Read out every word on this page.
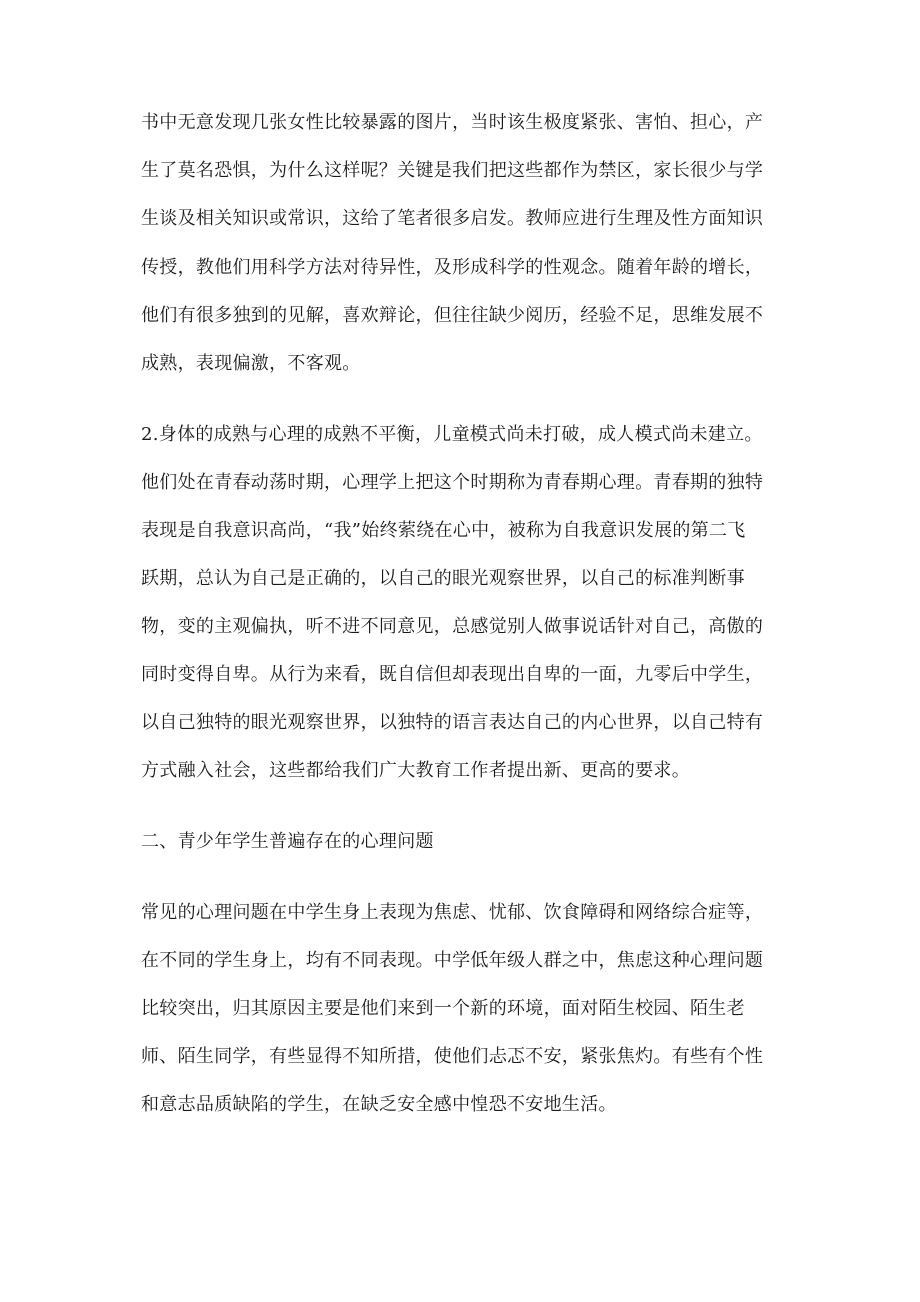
书中无意发现几张女性比较暴露的图片，当时该生极度紧张、害怕、担心，产
生了莫名恐惧，为什么这样呢？关键是我们把这些都作为禁区，家长很少与学
生谈及相关知识或常识，这给了笔者很多启发。教师应进行生理及性方面知识
传授，教他们用科学方法对待异性，及形成科学的性观念。随着年龄的增长，
他们有很多独到的见解，喜欢辩论，但往往缺少阅历，经验不足，思维发展不
成熟，表现偏激，不客观。
2.身体的成熟与心理的成熟不平衡，儿童模式尚未打破，成人模式尚未建立。
他们处在青春动荡时期，心理学上把这个时期称为青春期心理。青春期的独特
表现是自我意识高尚，“我”始终萦绕在心中，被称为自我意识发展的第二飞
跃期，总认为自己是正确的，以自己的眼光观察世界，以自己的标准判断事
物，变的主观偏执，听不进不同意见，总感觉别人做事说话针对自己，高傲的
同时变得自卑。从行为来看，既自信但却表现出自卑的一面，九零后中学生，
以自己独特的眼光观察世界，以独特的语言表达自己的内心世界，以自己特有
方式融入社会，这些都给我们广大教育工作者提出新、更高的要求。
二、青少年学生普遍存在的心理问题
常见的心理问题在中学生身上表现为焦虑、忧郁、饮食障碍和网络综合症等，
在不同的学生身上，均有不同表现。中学低年级人群之中，焦虑这种心理问题
比较突出，归其原因主要是他们来到一个新的环境，面对陌生校园、陌生老
师、陌生同学，有些显得不知所措，使他们忐忑不安，紧张焦灼。有些有个性
和意志品质缺陷的学生，在缺乏安全感中惶恐不安地生活。
